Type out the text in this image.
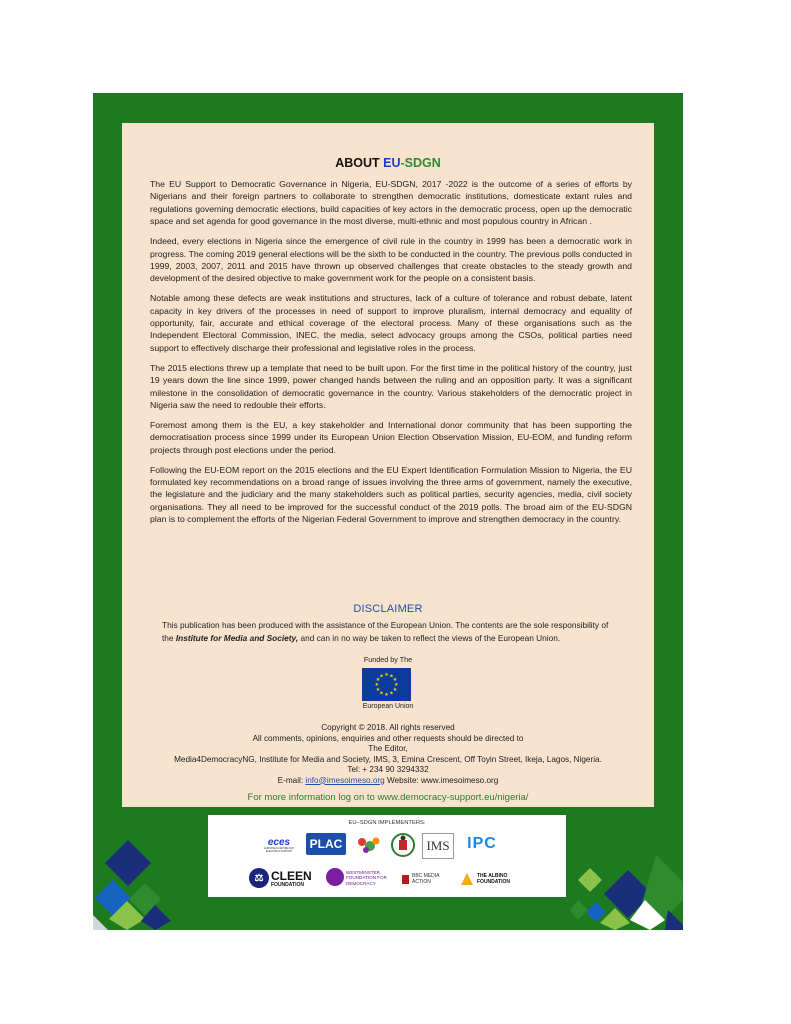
ABOUT EU-SDGN

The EU Support to Democratic Governance in Nigeria, EU-SDGN, 2017 -2022 is the outcome of a series of efforts by Nigerians and their foreign partners to collaborate to strengthen democratic institutions, domesticate extant rules and regulations governing democratic elections, build capacities of key actors in the democratic process, open up the democratic space and set agenda for good governance in the most diverse, multi-ethnic and most populous country in African .

Indeed, every elections in Nigeria since the emergence of civil rule in the country in 1999 has been a democratic work in progress. The coming 2019 general elections will be the sixth to be conducted in the country. The previous polls conducted in 1999, 2003, 2007, 2011 and 2015 have thrown up observed challenges that create obstacles to the steady growth and development of the desired objective to make government work for the people on a consistent basis.

Notable among these defects are weak institutions and structures, lack of a culture of tolerance and robust debate, latent capacity in key drivers of the processes in need of support to improve pluralism, internal democracy and equality of opportunity, fair, accurate and ethical coverage of the electoral process. Many of these organisations such as the Independent Electoral Commission, INEC, the media, select advocacy groups among the CSOs, political parties need support to effectively discharge their professional and legislative roles in the process.

The 2015 elections threw up a template that need to be built upon. For the first time in the political history of the country, just 19 years down the line since 1999, power changed hands between the ruling and an opposition party. It was a significant milestone in the consolidation of democratic governance in the country. Various stakeholders of the democratic project in Nigeria saw the need to redouble their efforts.

Foremost among them is the EU, a key stakeholder and International donor community that has been supporting the democratisation process since 1999 under its European Union Election Observation Mission, EU-EOM, and funding reform projects through post elections under the period.

Following the EU-EOM report on the 2015 elections and the EU Expert Identification Formulation Mission to Nigeria, the EU formulated key recommendations on a broad range of issues involving the three arms of government, namely the executive, the legislature and the judiciary and the many stakeholders such as political parties, security agencies, media, civil society organisations. They all need to be improved for the successful conduct of the 2019 polls. The broad aim of the EU-SDGN plan is to complement the efforts of the Nigerian Federal Government to improve and strengthen democracy in the country.

DISCLAIMER
This publication has been produced with the assistance of the European Union. The contents are the sole responsibility of the Institute for Media and Society, and can in no way be taken to reflect the views of the European Union.
Funded by The
★ ★
★
★
★
★
★
★
★
★
★
★
European Union
Copyright © 2018. All rights reserved
All comments, opinions, enquiries and other requests should be directed to
The Editor,
Media4DemocracyNG, Institute for Media and Society, IMS, 3, Emina Crescent, Off Toyin Street, Ikeja, Lagos, Nigeria.
Tel: + 234 90 3294332
E-mail: info@imesoimeso.org Website: www.imesoimeso.org
For more information log on to www.democracy-support.eu/nigeria/
EU–SDGN IMPLEMENTERS:
eces
EUROPEAN CENTRE FOR ELECTORAL SUPPORT	PLAC	IMS IPC
⚖ CLEEN
FOUNDATION
WESTMINSTER FOUNDATION FOR DEMOCRACY
BBC MEDIA ACTION
THE ALBINO FOUNDATION
